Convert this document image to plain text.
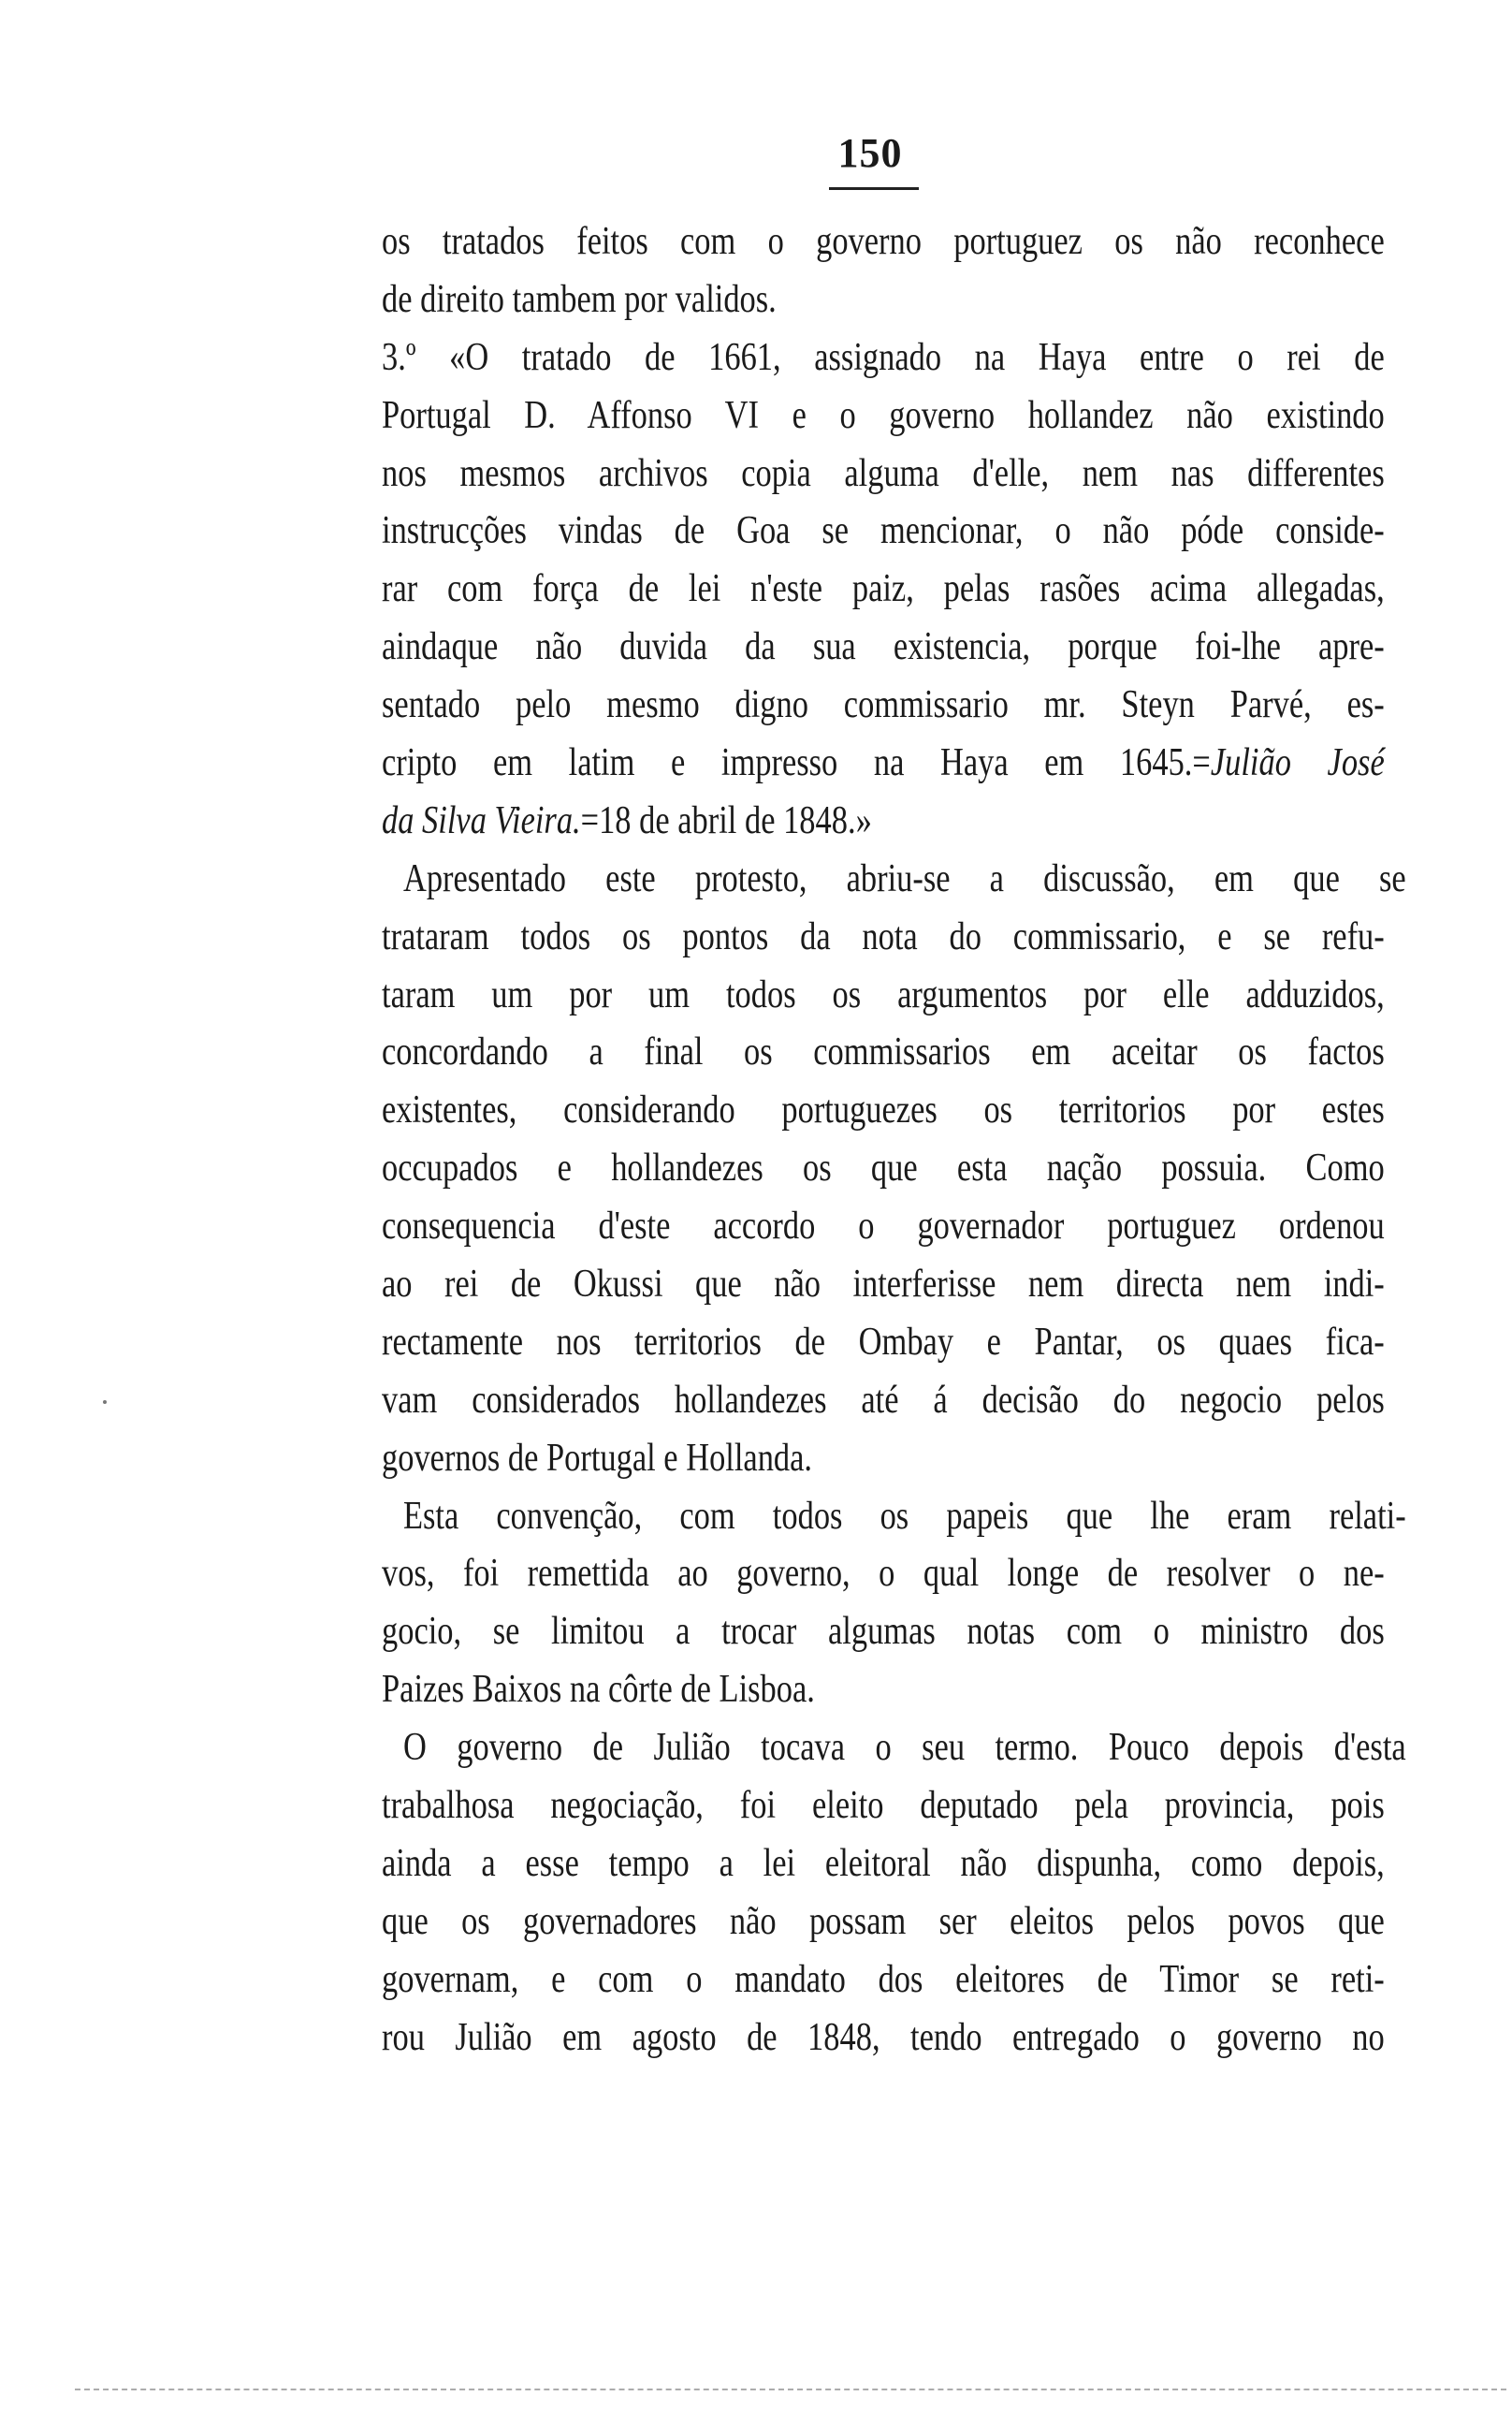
150
os tratados feitos com o governo portuguez os não reconhece
de direito tambem por validos.
3.º «O tratado de 1661, assignado na Haya entre o rei de
Portugal D. Affonso VI e o governo hollandez não existindo
nos mesmos archivos copia alguma d'elle, nem nas differentes
instrucções vindas de Goa se mencionar, o não póde conside-
rar com força de lei n'este paiz, pelas rasões acima allegadas,
aindaque não duvida da sua existencia, porque foi-lhe apre-
sentado pelo mesmo digno commissario mr. Steyn Parvé, es-
cripto em latim e impresso na Haya em 1645.=Julião José
da Silva Vieira.=18 de abril de 1848.»
Apresentado este protesto, abriu-se a discussão, em que se
trataram todos os pontos da nota do commissario, e se refu-
taram um por um todos os argumentos por elle adduzidos,
concordando a final os commissarios em aceitar os factos
existentes, considerando portuguezes os territorios por estes
occupados e hollandezes os que esta nação possuia. Como
consequencia d'este accordo o governador portuguez ordenou
ao rei de Okussi que não interferisse nem directa nem indi-
rectamente nos territorios de Ombay e Pantar, os quaes fica-
vam considerados hollandezes até á decisão do negocio pelos
governos de Portugal e Hollanda.
Esta convenção, com todos os papeis que lhe eram relati-
vos, foi remettida ao governo, o qual longe de resolver o ne-
gocio, se limitou a trocar algumas notas com o ministro dos
Paizes Baixos na côrte de Lisboa.
O governo de Julião tocava o seu termo. Pouco depois d'esta
trabalhosa negociação, foi eleito deputado pela provincia, pois
ainda a esse tempo a lei eleitoral não dispunha, como depois,
que os governadores não possam ser eleitos pelos povos que
governam, e com o mandato dos eleitores de Timor se reti-
rou Julião em agosto de 1848, tendo entregado o governo no
